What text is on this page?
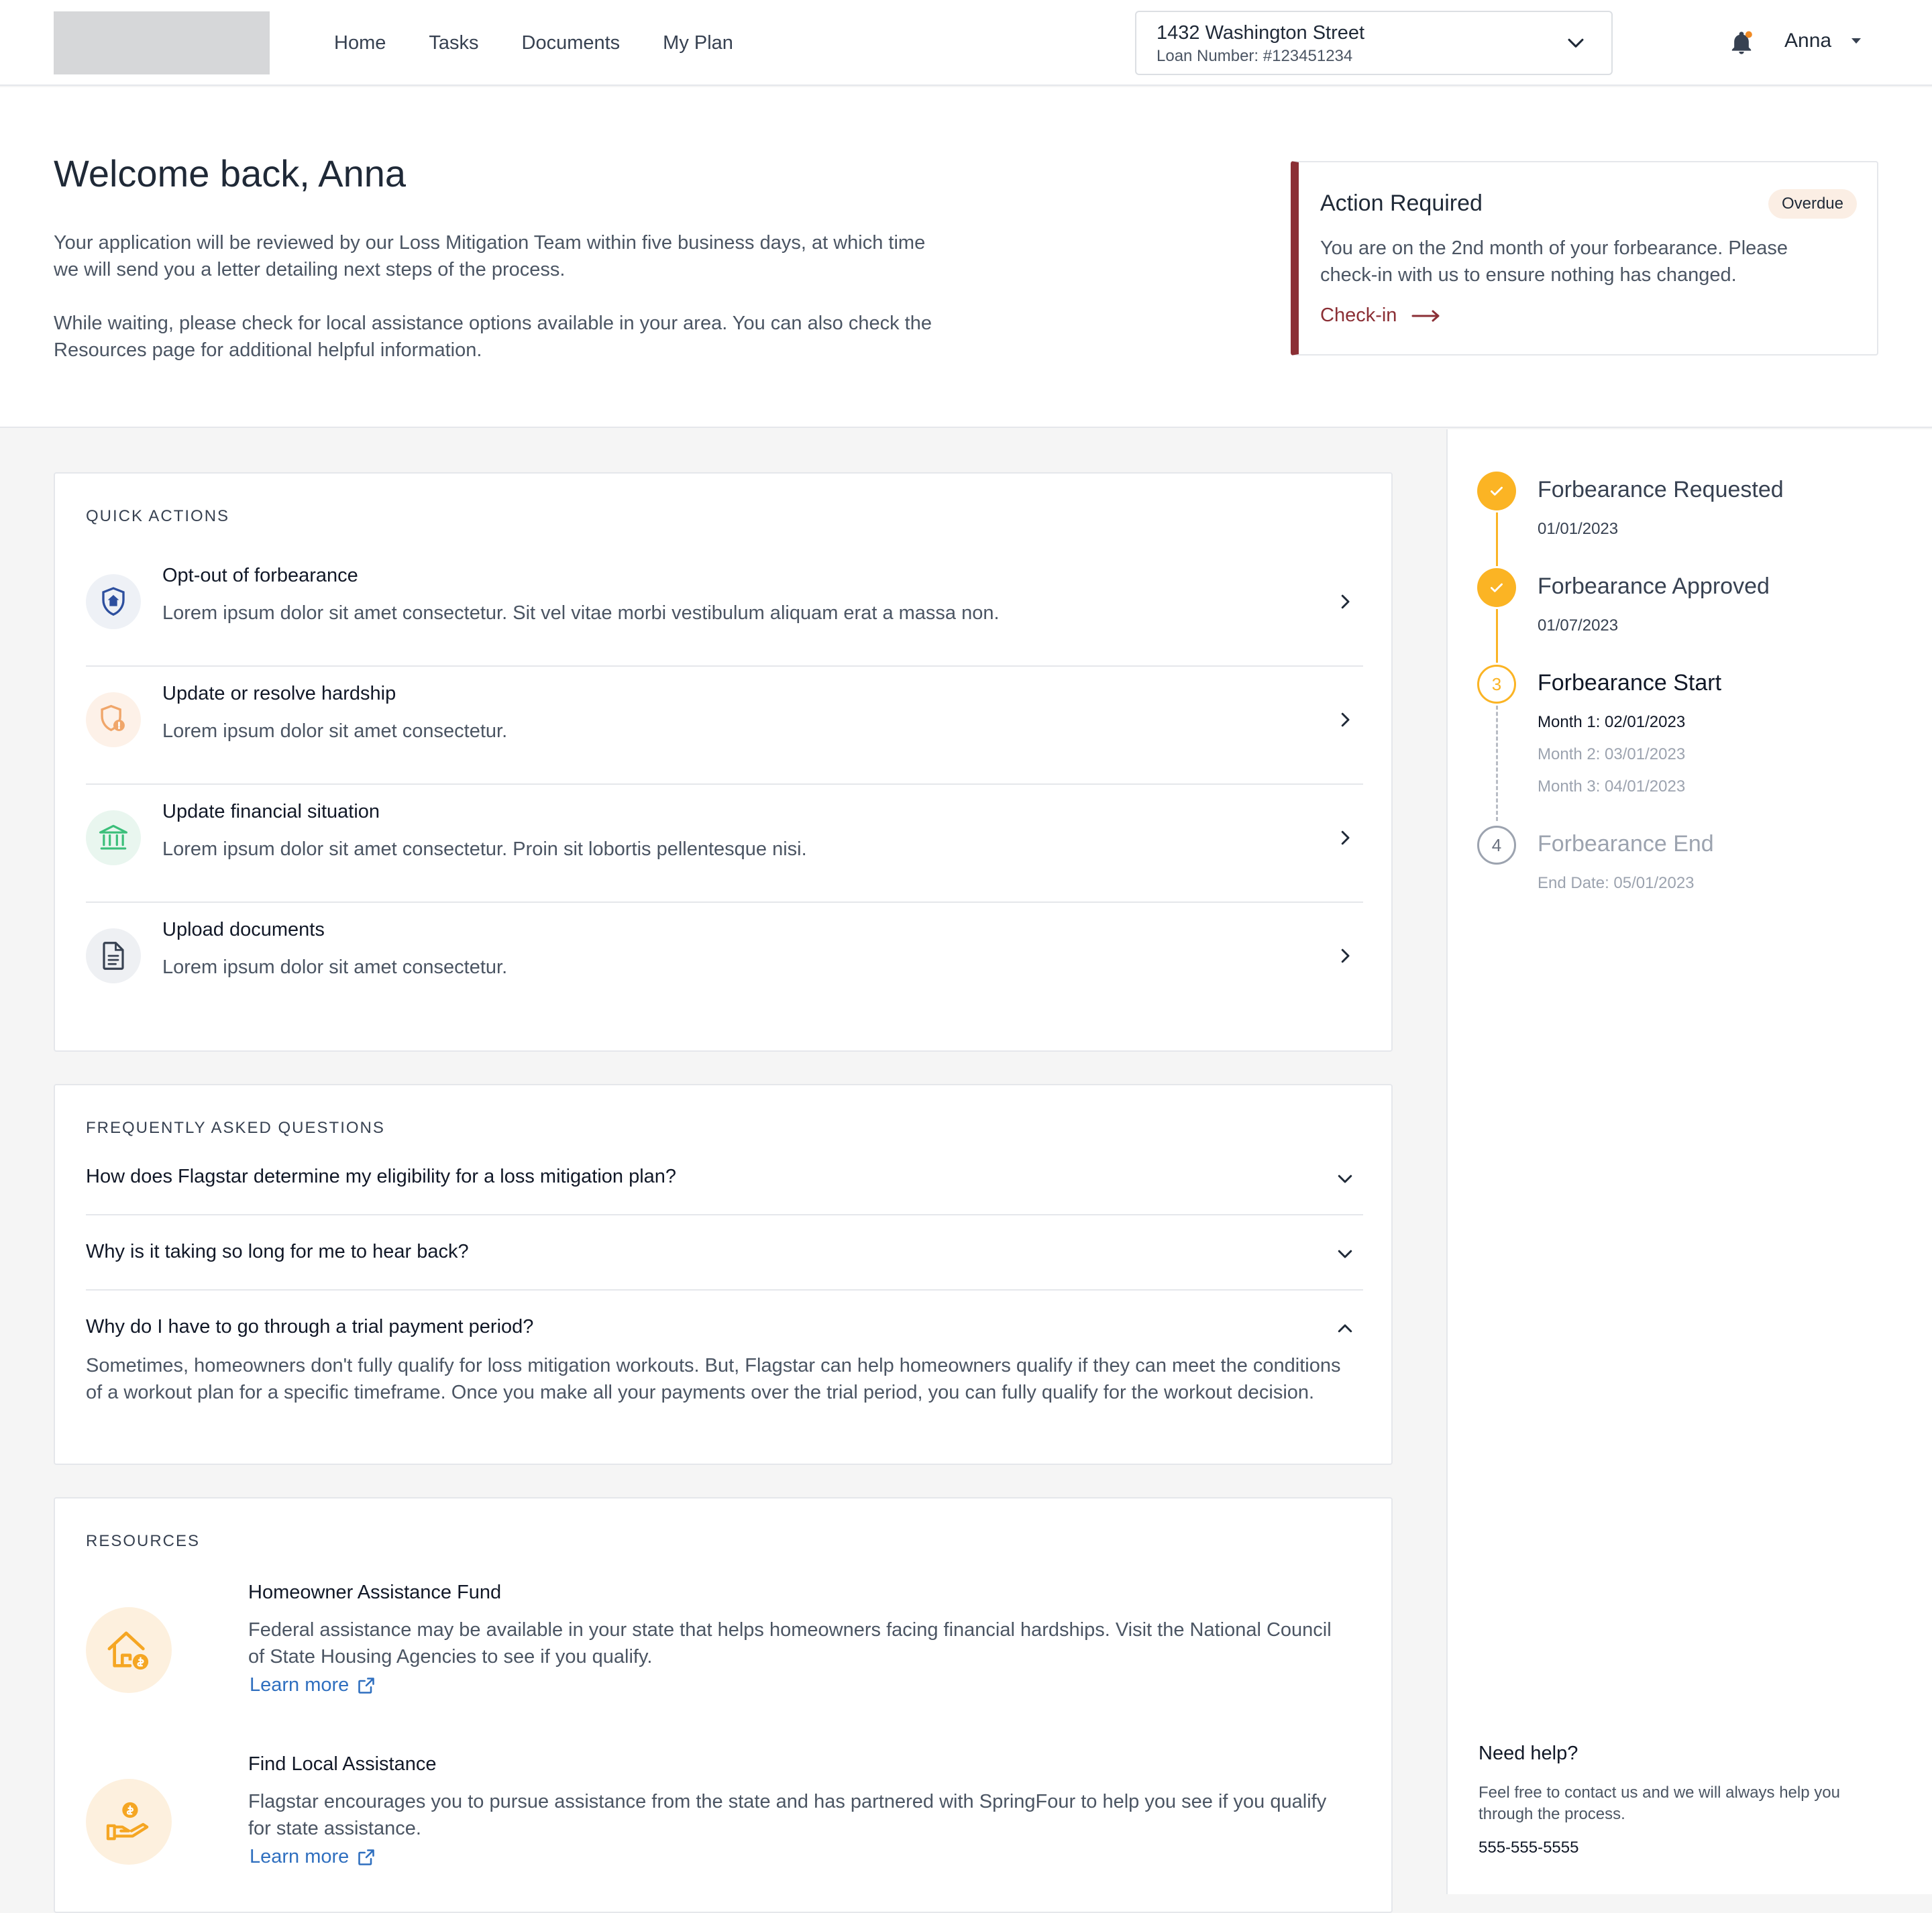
Home Tasks Documents My Plan	1432 Washington Street
Loan Number: #123451234
Anna
Welcome back, Anna

Your application will be reviewed by our Loss Mitigation Team within five business days, at which time we will send you a letter detailing next steps of the process.

While waiting, please check for local assistance options available in your area. You can also check the Resources page for additional helpful information.

Action Required	Overdue

You are on the 2nd month of your forbearance. Please check-in with us to ensure nothing has changed.

Check-in
QUICK ACTIONS
Opt-out of forbearance
Lorem ipsum dolor sit amet consectetur. Sit vel vitae morbi vestibulum aliquam erat a massa non.
Update or resolve hardship
Lorem ipsum dolor sit amet consectetur.
Update financial situation
Lorem ipsum dolor sit amet consectetur. Proin sit lobortis pellentesque nisi.
Upload documents
Lorem ipsum dolor sit amet consectetur.
FREQUENTLY ASKED QUESTIONS
How does Flagstar determine my eligibility for a loss mitigation plan?
Why is it taking so long for me to hear back?
Why do I have to go through a trial payment period?
Sometimes, homeowners don't fully qualify for loss mitigation workouts. But, Flagstar can help homeowners qualify if they can meet the conditions of a workout plan for a specific timeframe. Once you make all your payments over the trial period, you can fully qualify for the workout decision.
RESOURCES
Homeowner Assistance Fund
Federal assistance may be available in your state that helps homeowners facing financial hardships. Visit the National Council of State Housing Agencies to see if you qualify.
Learn more
Find Local Assistance
Flagstar encourages you to pursue assistance from the state and has partnered with SpringFour to help you see if you qualify for state assistance.
Learn more
Forbearance Requested
01/01/2023
Forbearance Approved
01/07/2023
3	Forbearance Start
Month 1: 02/01/2023
Month 2: 03/01/2023
Month 3: 04/01/2023
4	Forbearance End
End Date: 05/01/2023
Need help?

Feel free to contact us and we will always help you through the process.

555-555-5555
